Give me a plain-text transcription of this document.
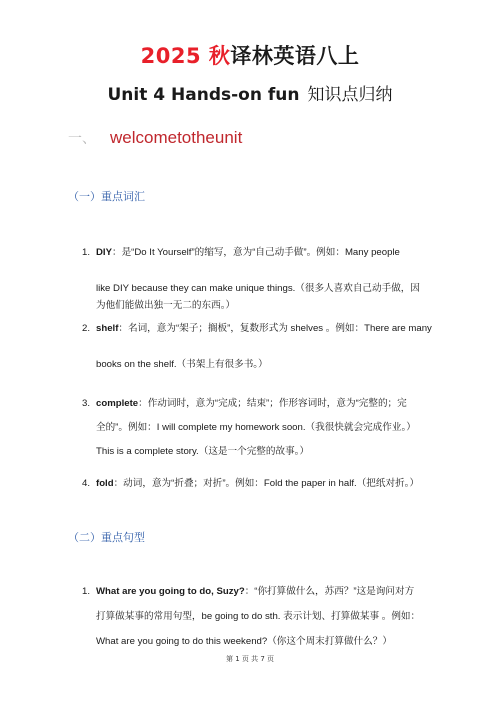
2025 秋译林英语八上
Unit 4 Hands-on fun 知识点归纳
一、 welcometotheunit
（一）重点词汇
1. DIY：是“Do It Yourself”的缩写，意为“自己动手做”。例如：Many people
like DIY because they can make unique things.（很多人喜欢自己动手做，因
为他们能做出独一无二的东西。）
2. shelf：名词，意为“架子；搁板”，复数形式为 shelves 。例如：There are many
books on the shelf.（书架上有很多书。）
3. complete：作动词时，意为“完成；结束”；作形容词时，意为“完整的；完
全的”。例如：I will complete my homework soon.（我很快就会完成作业。）
This is a complete story.（这是一个完整的故事。）
4. fold：动词，意为“折叠；对折”。例如：Fold the paper in half.（把纸对折。）
（二）重点句型
1. What are you going to do, Suzy?：“你打算做什么，苏西？”这是询问对方
打算做某事的常用句型，be going to do sth. 表示计划、打算做某事 。例如：
What are you going to do this weekend?（你这个周末打算做什么？）
第 1 页 共 7 页
